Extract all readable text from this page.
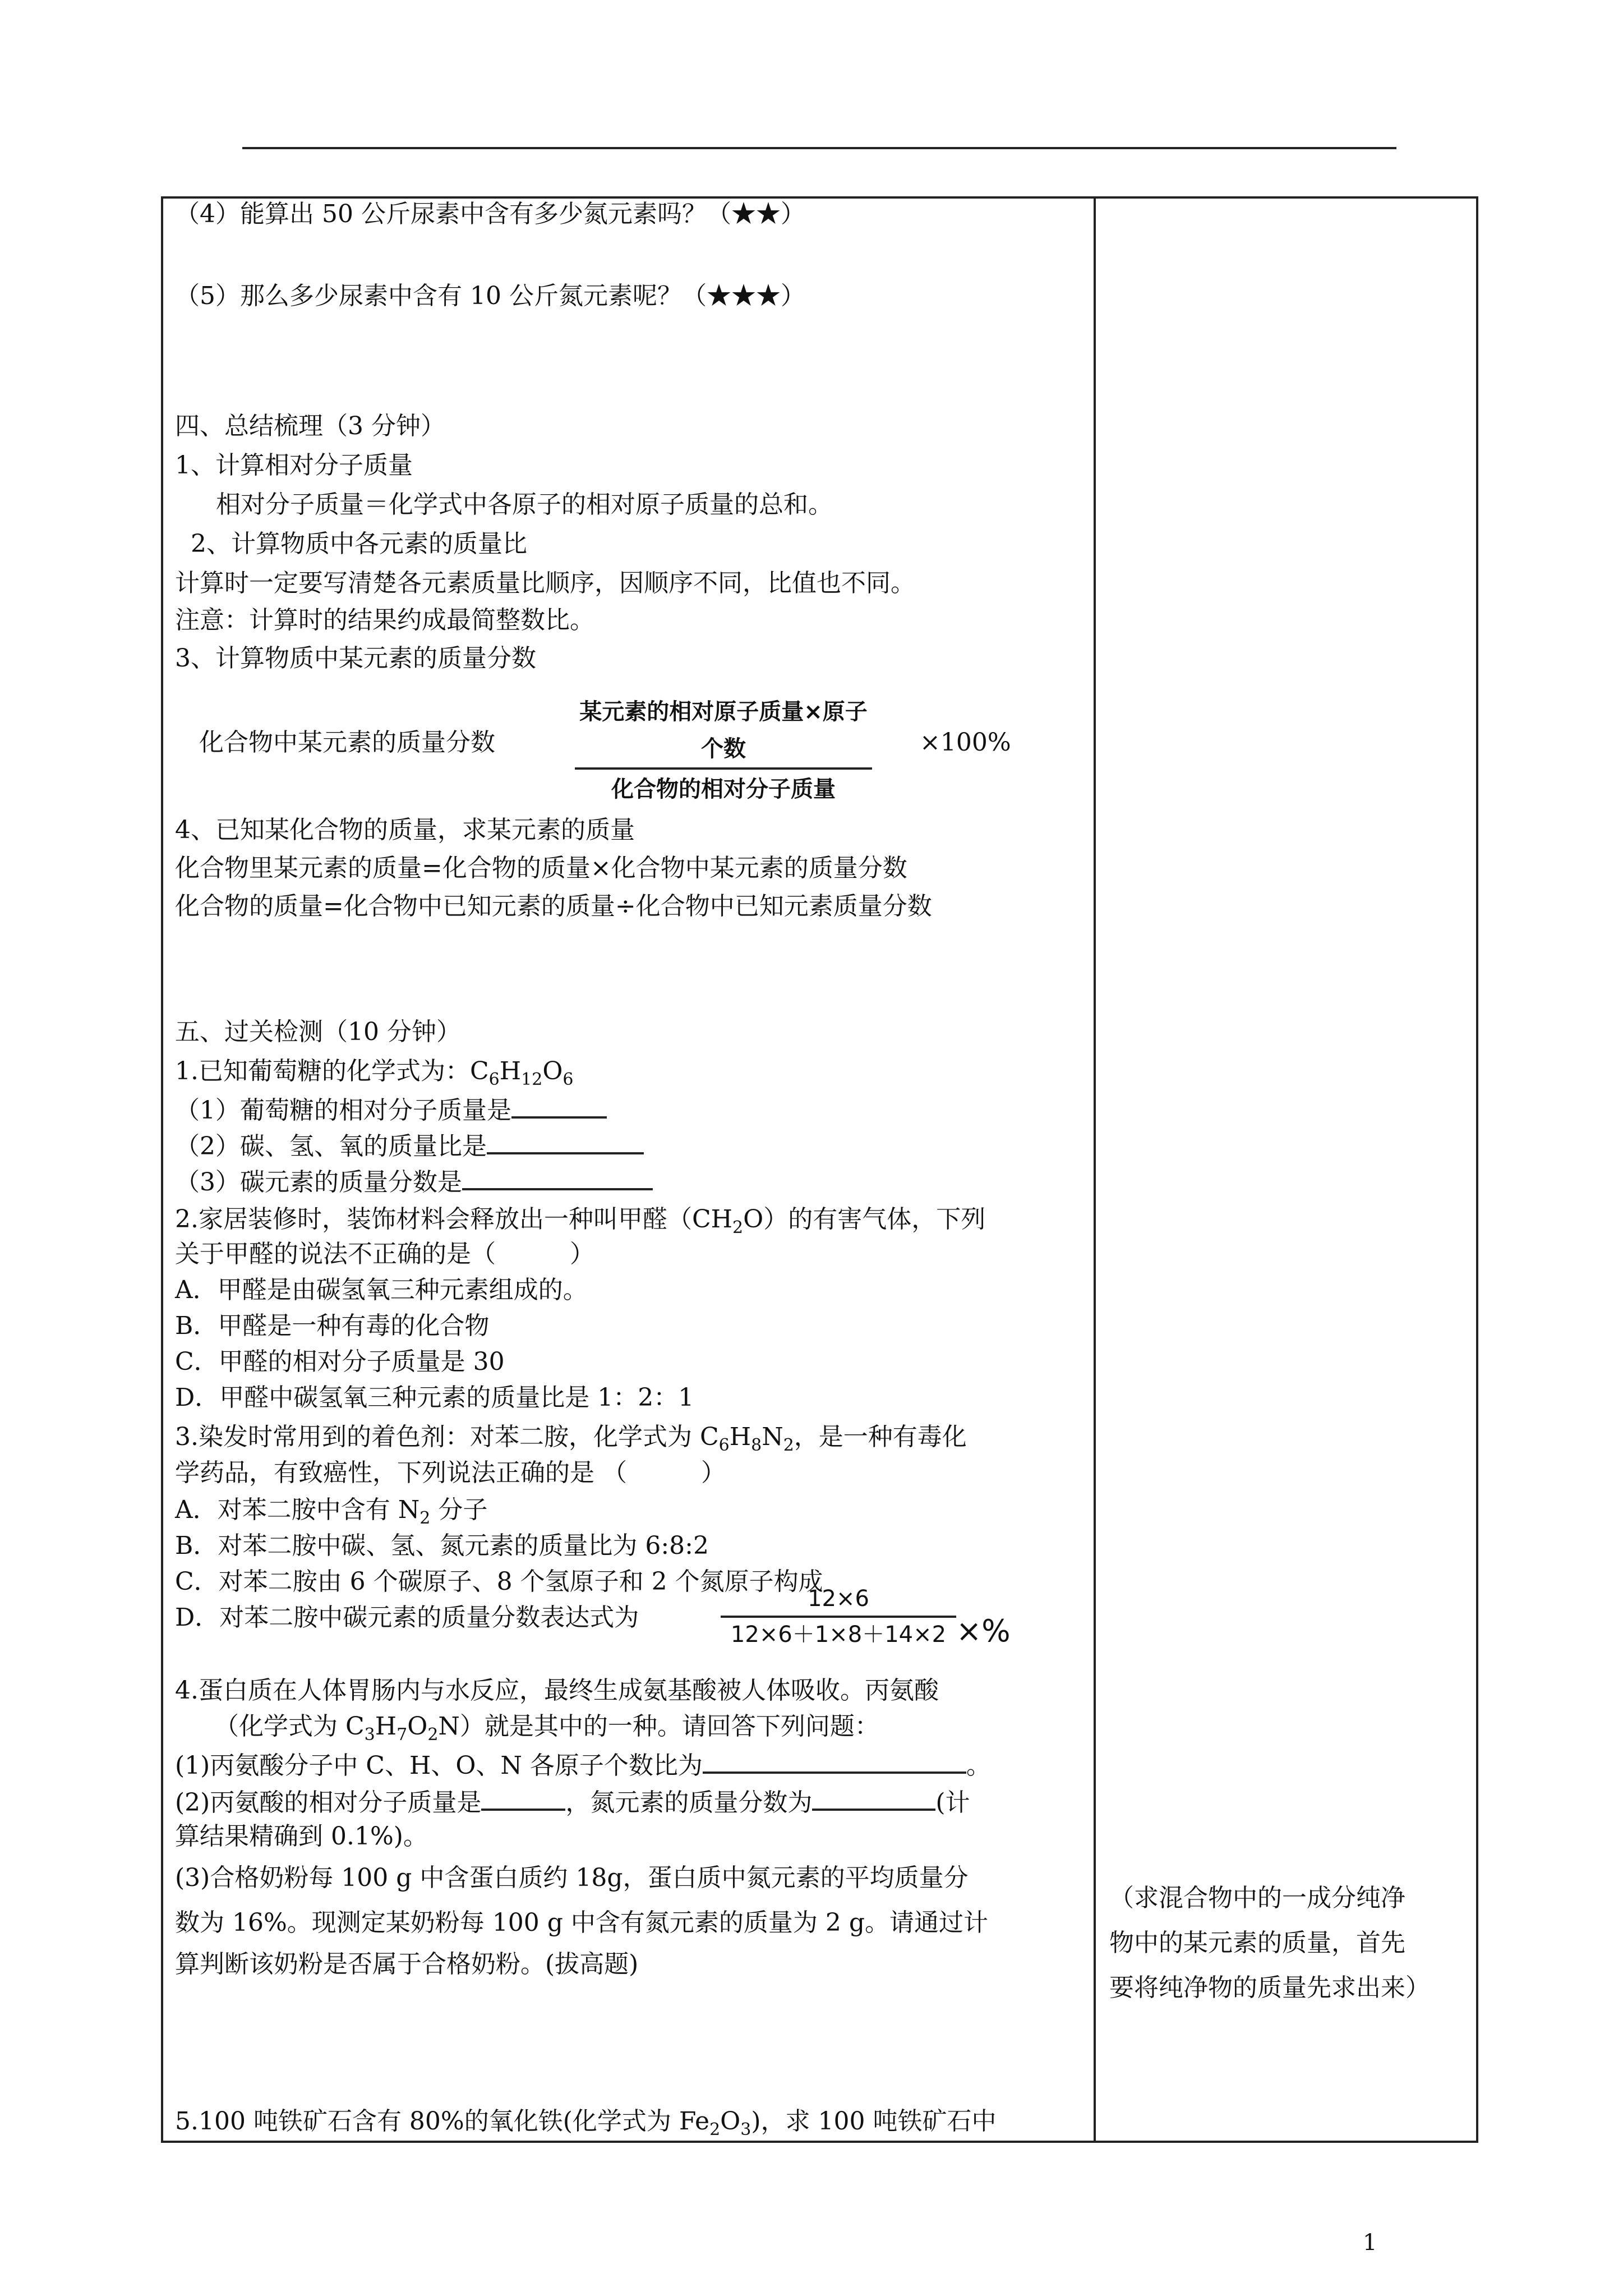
（4）能算出 50 公斤尿素中含有多少氮元素吗？（★★）
（5）那么多少尿素中含有 10 公斤氮元素呢？（★★★）
四、总结梳理（3 分钟）
1、计算相对分子质量
相对分子质量＝化学式中各原子的相对原子质量的总和。
2、计算物质中各元素的质量比
计算时一定要写清楚各元素质量比顺序，因顺序不同，比值也不同。
注意：计算时的结果约成最简整数比。
3、计算物质中某元素的质量分数
化合物中某元素的质量分数
某元素的相对原子质量×原子个数
化合物的相对分子质量
×100%
4、已知某化合物的质量，求某元素的质量
化合物里某元素的质量=化合物的质量×化合物中某元素的质量分数
化合物的质量=化合物中已知元素的质量÷化合物中已知元素质量分数
五、过关检测（10 分钟）
1.已知葡萄糖的化学式为：$C_6H_{12}O_6$
（1）葡萄糖的相对分子质量是
（2）碳、氢、氧的质量比是
（3）碳元素的质量分数是
2.家居装修时，装饰材料会释放出一种叫甲醛$(CH_2O)$的有害气体，下列
关于甲醛的说法不正确的是（　　　）
A．甲醛是由碳氢氧三种元素组成的。
B．甲醛是一种有毒的化合物
C．甲醛的相对分子质量是 30
D．甲醛中碳氢氧三种元素的质量比是 1：2：1
3.染发时常用到的着色剂：对苯二胺，化学式为 $C_6H_8N_2$，是一种有毒化
学药品，有致癌性，下列说法正确的是 （　　　）
A．对苯二胺中含有 $N_2$ 分子
B．对苯二胺中碳、氢、氮元素的质量比为 6:8:2
C．对苯二胺由 6 个碳原子、8 个氢原子和 2 个氮原子构成
D．对苯二胺中碳元素的质量分数表达式为	$\frac{12\times 6}{12\times 6+1\times 8+14\times 2}$ ×%
4.蛋白质在人体胃肠内与水反应，最终生成氨基酸被人体吸收。丙氨酸
（化学式为 $C_3H_7O_2N$）就是其中的一种。请回答下列问题：
(1)丙氨酸分子中 C、H、O、N 各原子个数比为	。
(2)丙氨酸的相对分子质量是	，氮元素的质量分数为	(计
算结果精确到 0.1%)。
(3)合格奶粉每 100 g 中含蛋白质约 18g，蛋白质中氮元素的平均质量分
数为 16%。现测定某奶粉每 100 g 中含有氮元素的质量为 2 g。请通过计
算判断该奶粉是否属于合格奶粉。(拔高题)
5.100 吨铁矿石含有 80%的氧化铁(化学式为 $Fe_2O_3$)，求 100 吨铁矿石中
（求混合物中的一成分纯净
物中的某元素的质量，首先
要将纯净物的质量先求出来）
1
